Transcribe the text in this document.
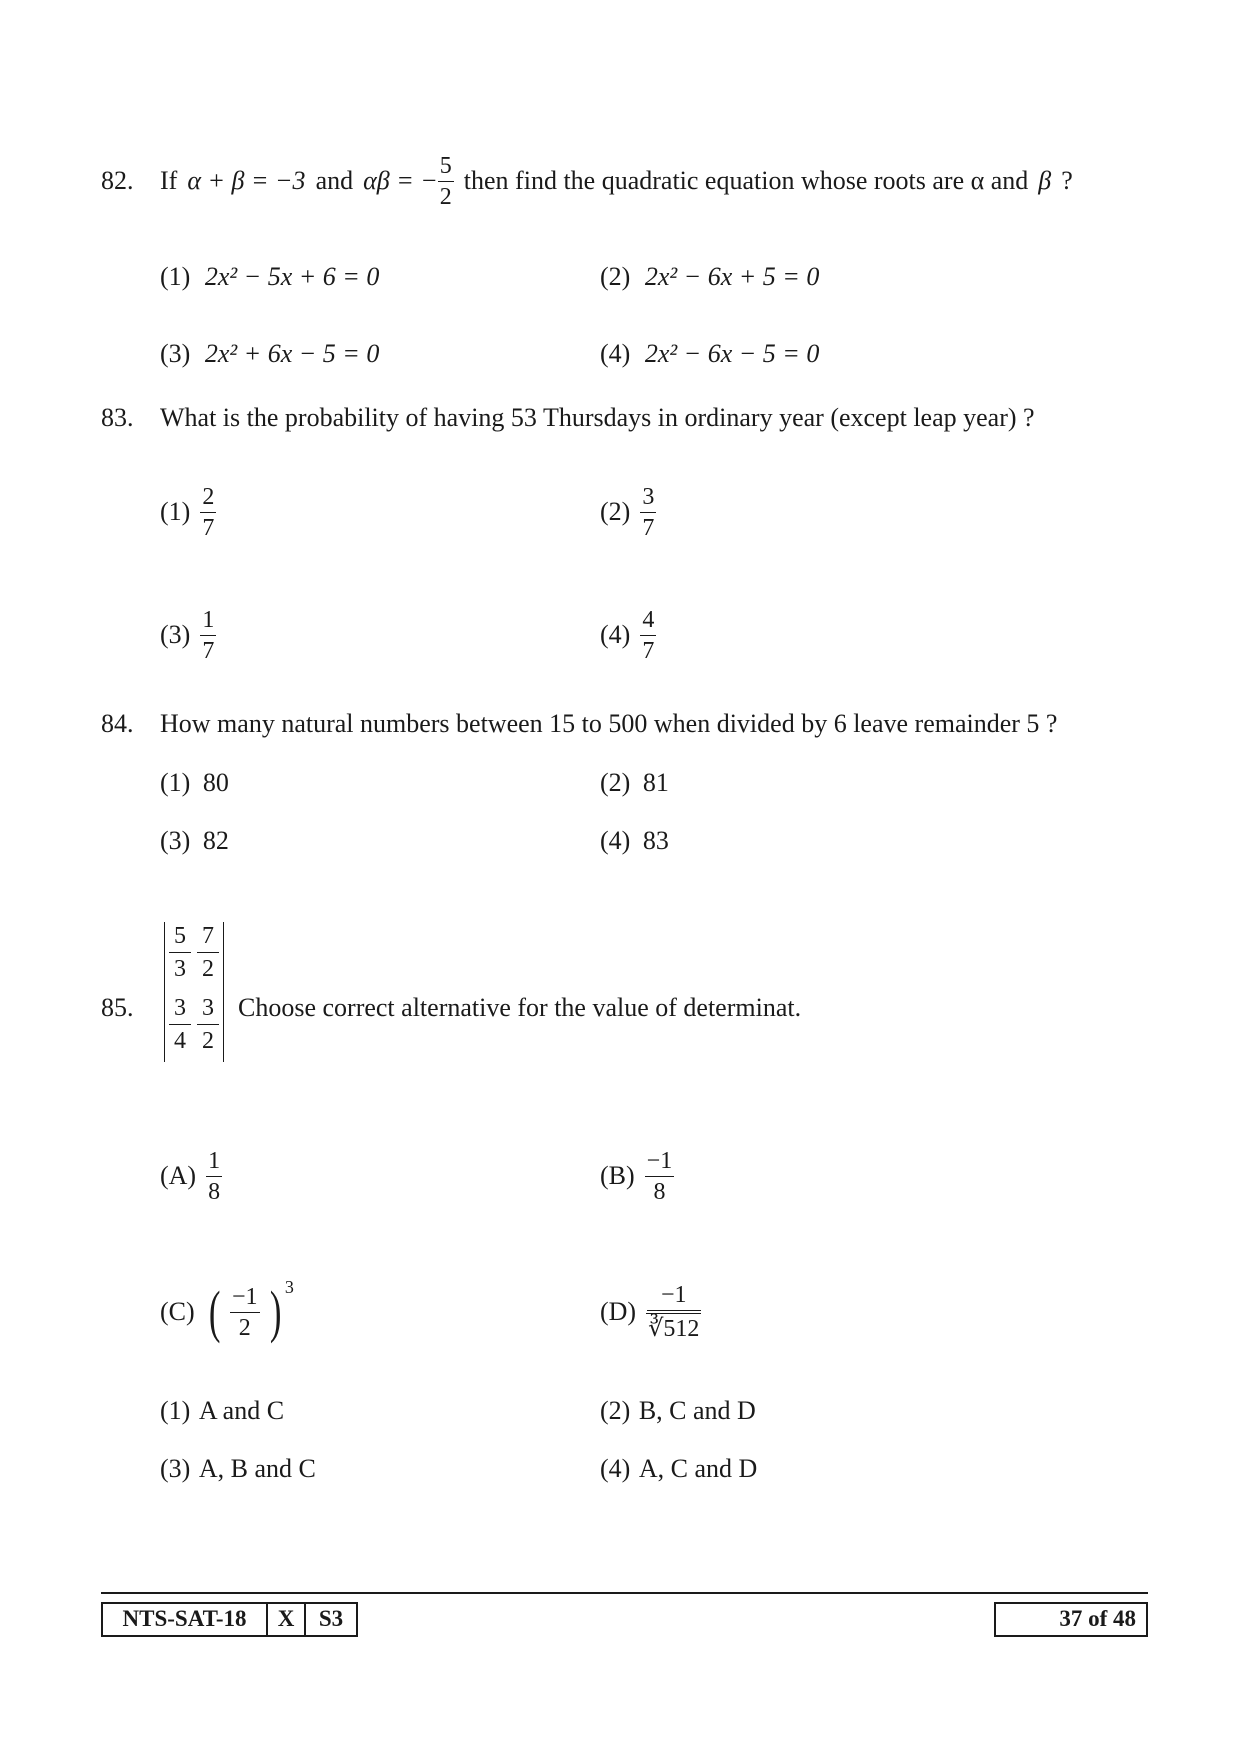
82. If α + β = −3 and αβ = − $\frac{5}{2}$ then find the quadratic equation whose roots are α and β ?
(1) 2x² − 5x + 6 = 0	(2) 2x² − 6x + 5 = 0
(3) 2x² + 6x − 5 = 0	(4) 2x² − 6x − 5 = 0
83. What is the probability of having 53 Thursdays in ordinary year (except leap year) ?
$(1) \frac{2}{7}$	$(2) \frac{3}{7}$
$(3) \frac{1}{7}$	$(4) \frac{4}{7}$
84. How many natural numbers between 15 to 500 when divided by 6 leave remainder 5 ?
(1) 80	(2) 81
(3) 82	(4) 83
85.
$\frac{5}{3} \frac{7}{2}$
$\frac{3}{4} \frac{3}{2}$ Choose correct alternative for the value of determinat.
$(A) \frac{1}{8}$	$(B) \frac{-1}{8}$
(C) ( $\frac{-1}{2}$ ) 3
$(D) \frac{-1}{∛512}$
(1) A and C	(2) B, C and D
(3) A, B and C	(4) A, C and D
NTS-SAT-18	X	S3	37 of 48
